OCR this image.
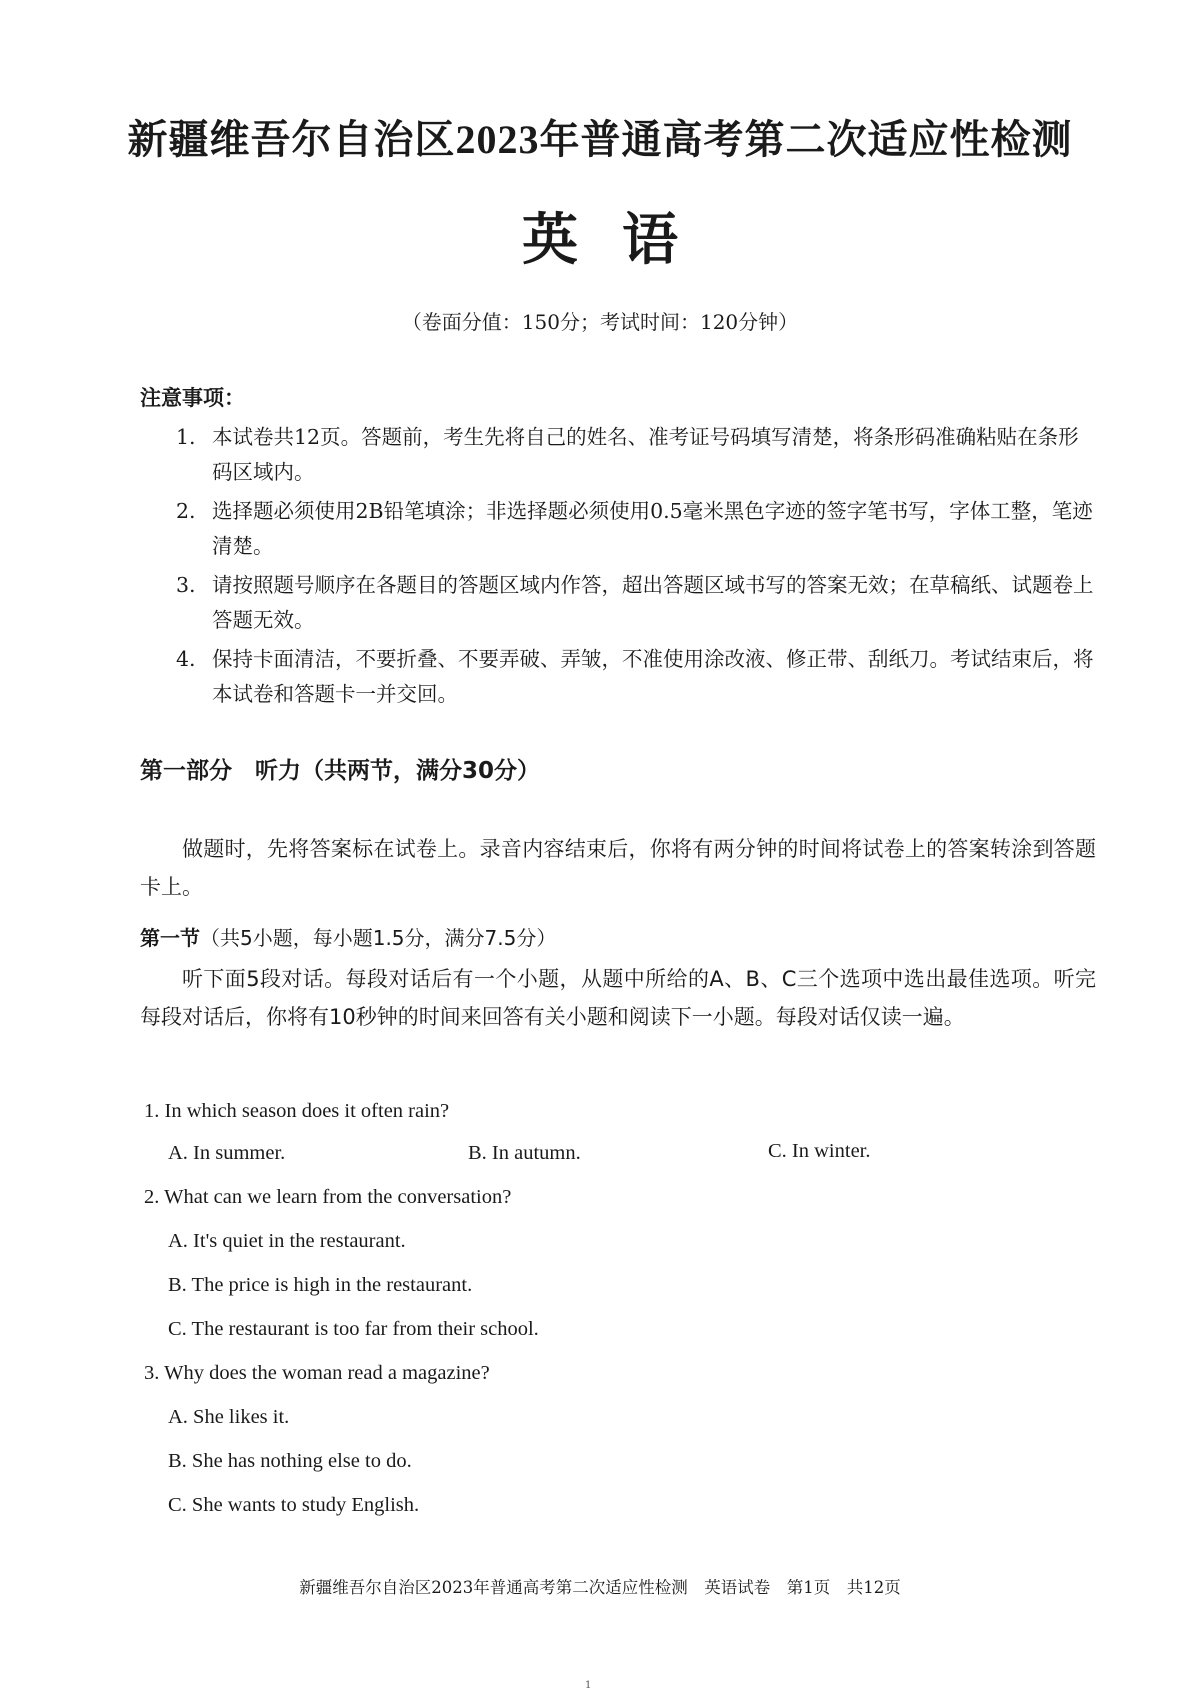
新疆维吾尔自治区2023年普通高考第二次适应性检测
英语
（卷面分值：150分；考试时间：120分钟）
注意事项：
1. 本试卷共12页。答题前，考生先将自己的姓名、准考证号码填写清楚，将条形码准确粘贴在条形码区域内。
2. 选择题必须使用2B铅笔填涂；非选择题必须使用0.5毫米黑色字迹的签字笔书写，字体工整，笔迹清楚。
3. 请按照题号顺序在各题目的答题区域内作答，超出答题区域书写的答案无效；在草稿纸、试题卷上答题无效。
4. 保持卡面清洁，不要折叠、不要弄破、弄皱，不准使用涂改液、修正带、刮纸刀。考试结束后，将本试卷和答题卡一并交回。
第一部分　听力（共两节，满分30分）
做题时，先将答案标在试卷上。录音内容结束后，你将有两分钟的时间将试卷上的答案转涂到答题卡上。
第一节（共5小题，每小题1.5分，满分7.5分）
听下面5段对话。每段对话后有一个小题，从题中所给的A、B、C三个选项中选出最佳选项。听完每段对话后，你将有10秒钟的时间来回答有关小题和阅读下一小题。每段对话仅读一遍。
1. In which season does it often rain?
A. In summer.	B. In autumn.	C. In winter.
2. What can we learn from the conversation?
A. It's quiet in the restaurant.
B. The price is high in the restaurant.
C. The restaurant is too far from their school.
3. Why does the woman read a magazine?
A. She likes it.
B. She has nothing else to do.
C. She wants to study English.
新疆维吾尔自治区2023年普通高考第二次适应性检测　英语试卷　第1页　共12页
1
